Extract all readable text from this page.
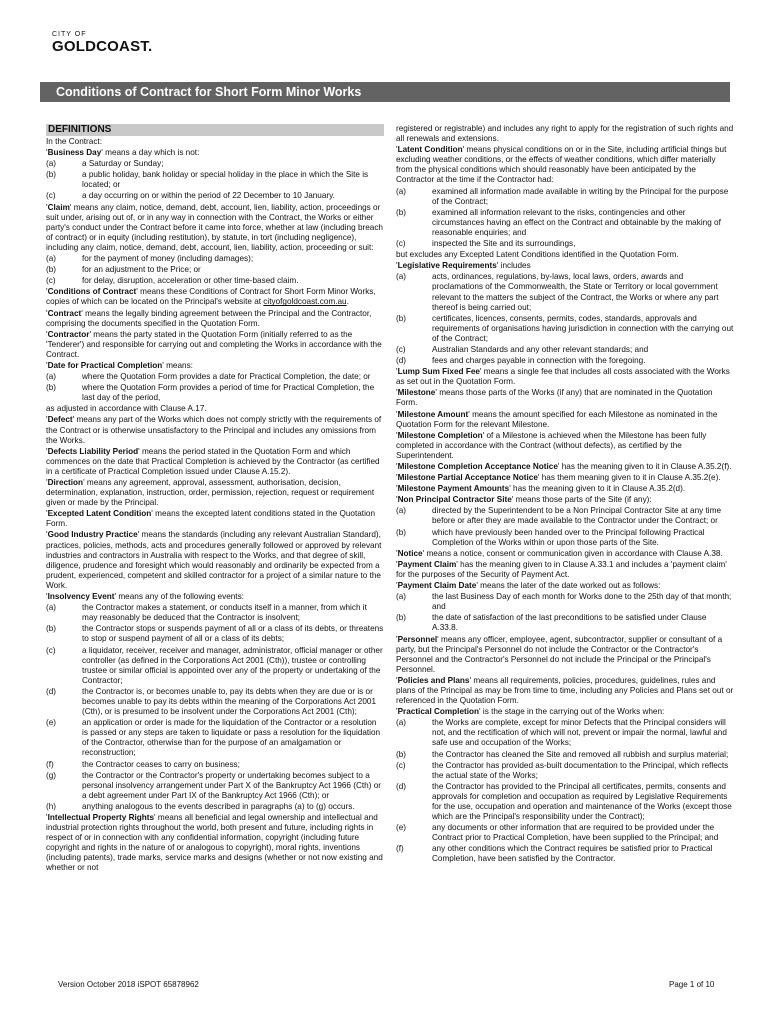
CITY OF
GOLDCOAST.
Conditions of Contract for Short Form Minor Works
DEFINITIONS

In the Contract:

'Business Day' means a day which is not:

(a)	a Saturday or Sunday;
(b)	a public holiday, bank holiday or special holiday in the place in which the Site is located; or
(c)	a day occurring on or within the period of 22 December to 10 January.

'Claim' means any claim, notice, demand, debt, account, lien, liability, action, proceedings or suit under, arising out of, or in any way in connection with the Contract, the Works or either party's conduct under the Contract before it came into force, whether at law (including breach of contract) or in equity (including restitution), by statute, in tort (including negligence), including any claim, notice, demand, debt, account, lien, liability, action, proceeding or suit:

(a)	for the payment of money (including damages);
(b)	for an adjustment to the Price; or
(c)	for delay, disruption, acceleration or other time-based claim.

'Conditions of Contract' means these Conditions of Contract for Short Form Minor Works, copies of which can be located on the Principal's website at cityofgoldcoast.com.au.

'Contract' means the legally binding agreement between the Principal and the Contractor, comprising the documents specified in the Quotation Form.

'Contractor' means the party stated in the Quotation Form (initially referred to as the 'Tenderer') and responsible for carrying out and completing the Works in accordance with the Contract.

'Date for Practical Completion' means:

(a)	where the Quotation Form provides a date for Practical Completion, the date; or
(b)	where the Quotation Form provides a period of time for Practical Completion, the last day of the period,

as adjusted in accordance with Clause A.17.

'Defect' means any part of the Works which does not comply strictly with the requirements of the Contract or is otherwise unsatisfactory to the Principal and includes any omissions from the Works.

'Defects Liability Period' means the period stated in the Quotation Form and which commences on the date that Practical Completion is achieved by the Contractor (as certified in a certificate of Practical Completion issued under Clause A.15.2).

'Direction' means any agreement, approval, assessment, authorisation, decision, determination, explanation, instruction, order, permission, rejection, request or requirement given or made by the Principal.

'Excepted Latent Condition' means the excepted latent conditions stated in the Quotation Form.

'Good Industry Practice' means the standards (including any relevant Australian Standard), practices, policies, methods, acts and procedures generally followed or approved by relevant industries and contractors in Australia with respect to the Works, and that degree of skill, diligence, prudence and foresight which would reasonably and ordinarily be expected from a prudent, experienced, competent and skilled contractor for a project of a similar nature to the Work.

'Insolvency Event' means any of the following events:

(a)	the Contractor makes a statement, or conducts itself in a manner, from which it may reasonably be deduced that the Contractor is insolvent;
(b)	the Contractor stops or suspends payment of all or a class of its debts, or threatens to stop or suspend payment of all or a class of its debts;
(c)	a liquidator, receiver, receiver and manager, administrator, official manager or other controller (as defined in the Corporations Act 2001 (Cth)), trustee or controlling trustee or similar official is appointed over any of the property or undertaking of the Contractor;
(d)	the Contractor is, or becomes unable to, pay its debts when they are due or is or becomes unable to pay its debts within the meaning of the Corporations Act 2001 (Cth), or is presumed to be insolvent under the Corporations Act 2001 (Cth);
(e)	an application or order is made for the liquidation of the Contractor or a resolution is passed or any steps are taken to liquidate or pass a resolution for the liquidation of the Contractor, otherwise than for the purpose of an amalgamation or reconstruction;
(f)	the Contractor ceases to carry on business;
(g)	the Contractor or the Contractor's property or undertaking becomes subject to a personal insolvency arrangement under Part X of the Bankruptcy Act 1966 (Cth) or a debt agreement under Part IX of the Bankruptcy Act 1966 (Cth); or
(h)	anything analogous to the events described in paragraphs (a) to (g) occurs.

'Intellectual Property Rights' means all beneficial and legal ownership and intellectual and industrial protection rights throughout the world, both present and future, including rights in respect of or in connection with any confidential information, copyright (including future copyright and rights in the nature of or analogous to copyright), moral rights, inventions (including patents), trade marks, service marks and designs (whether or not now existing and whether or not

registered or registrable) and includes any right to apply for the registration of such rights and all renewals and extensions.

'Latent Condition' means physical conditions on or in the Site, including artificial things but excluding weather conditions, or the effects of weather conditions, which differ materially from the physical conditions which should reasonably have been anticipated by the Contractor at the time if the Contractor had:

(a)	examined all information made available in writing by the Principal for the purpose of the Contract;
(b)	examined all information relevant to the risks, contingencies and other circumstances having an effect on the Contract and obtainable by the making of reasonable enquiries; and
(c)	inspected the Site and its surroundings,

but excludes any Excepted Latent Conditions identified in the Quotation Form.

'Legislative Requirements' includes

(a)	acts, ordinances, regulations, by-laws, local laws, orders, awards and proclamations of the Commonwealth, the State or Territory or local government relevant to the matters the subject of the Contract, the Works or where any part thereof is being carried out;
(b)	certificates, licences, consents, permits, codes, standards, approvals and requirements of organisations having jurisdiction in connection with the carrying out of the Contract;
(c)	Australian Standards and any other relevant standards; and
(d)	fees and charges payable in connection with the foregoing.

'Lump Sum Fixed Fee' means a single fee that includes all costs associated with the Works as set out in the Quotation Form.

'Milestone' means those parts of the Works (if any) that are nominated in the Quotation Form.

'Milestone Amount' means the amount specified for each Milestone as nominated in the Quotation Form for the relevant Milestone.

'Milestone Completion' of a Milestone is achieved when the Milestone has been fully completed in accordance with the Contract (without defects), as certified by the Superintendent.

'Milestone Completion Acceptance Notice' has the meaning given to it in Clause A.35.2(f).

'Milestone Partial Acceptance Notice' has them meaning given to it in Clause A.35.2(e).

'Milestone Payment Amounts' has the meaning given to it in Clause A.35.2(d).

'Non Principal Contractor Site' means those parts of the Site (if any):

(a)	directed by the Superintendent to be a Non Principal Contractor Site at any time before or after they are made available to the Contractor under the Contract; or
(b)	which have previously been handed over to the Principal following Practical Completion of the Works within or upon those parts of the Site.

'Notice' means a notice, consent or communication given in accordance with Clause A.38.

'Payment Claim' has the meaning given to in Clause A.33.1 and includes a 'payment claim' for the purposes of the Security of Payment Act.

'Payment Claim Date' means the later of the date worked out as follows:

(a)	the last Business Day of each month for Works done to the 25th day of that month; and
(b)	the date of satisfaction of the last preconditions to be satisfied under Clause A.33.8.

'Personnel' means any officer, employee, agent, subcontractor, supplier or consultant of a party, but the Principal's Personnel do not include the Contractor or the Contractor's Personnel and the Contractor's Personnel do not include the Principal or the Principal's Personnel.

'Policies and Plans' means all requirements, policies, procedures, guidelines, rules and plans of the Principal as may be from time to time, including any Policies and Plans set out or referenced in the Quotation Form.

'Practical Completion' is the stage in the carrying out of the Works when:

(a)	the Works are complete, except for minor Defects that the Principal considers will not, and the rectification of which will not, prevent or impair the normal, lawful and safe use and occupation of the Works;
(b)	the Contractor has cleaned the Site and removed all rubbish and surplus material;
(c)	the Contractor has provided as-built documentation to the Principal, which reflects the actual state of the Works;
(d)	the Contractor has provided to the Principal all certificates, permits, consents and approvals for completion and occupation as required by Legislative Requirements for the use, occupation and operation and maintenance of the Works (except those which are the Principal's responsibility under the Contract);
(e)	any documents or other information that are required to be provided under the Contract prior to Practical Completion, have been supplied to the Principal; and
(f)	any other conditions which the Contract requires be satisfied prior to Practical Completion, have been satisfied by the Contractor.
Version October 2018 iSPOT 65878962	Page 1 of 10
